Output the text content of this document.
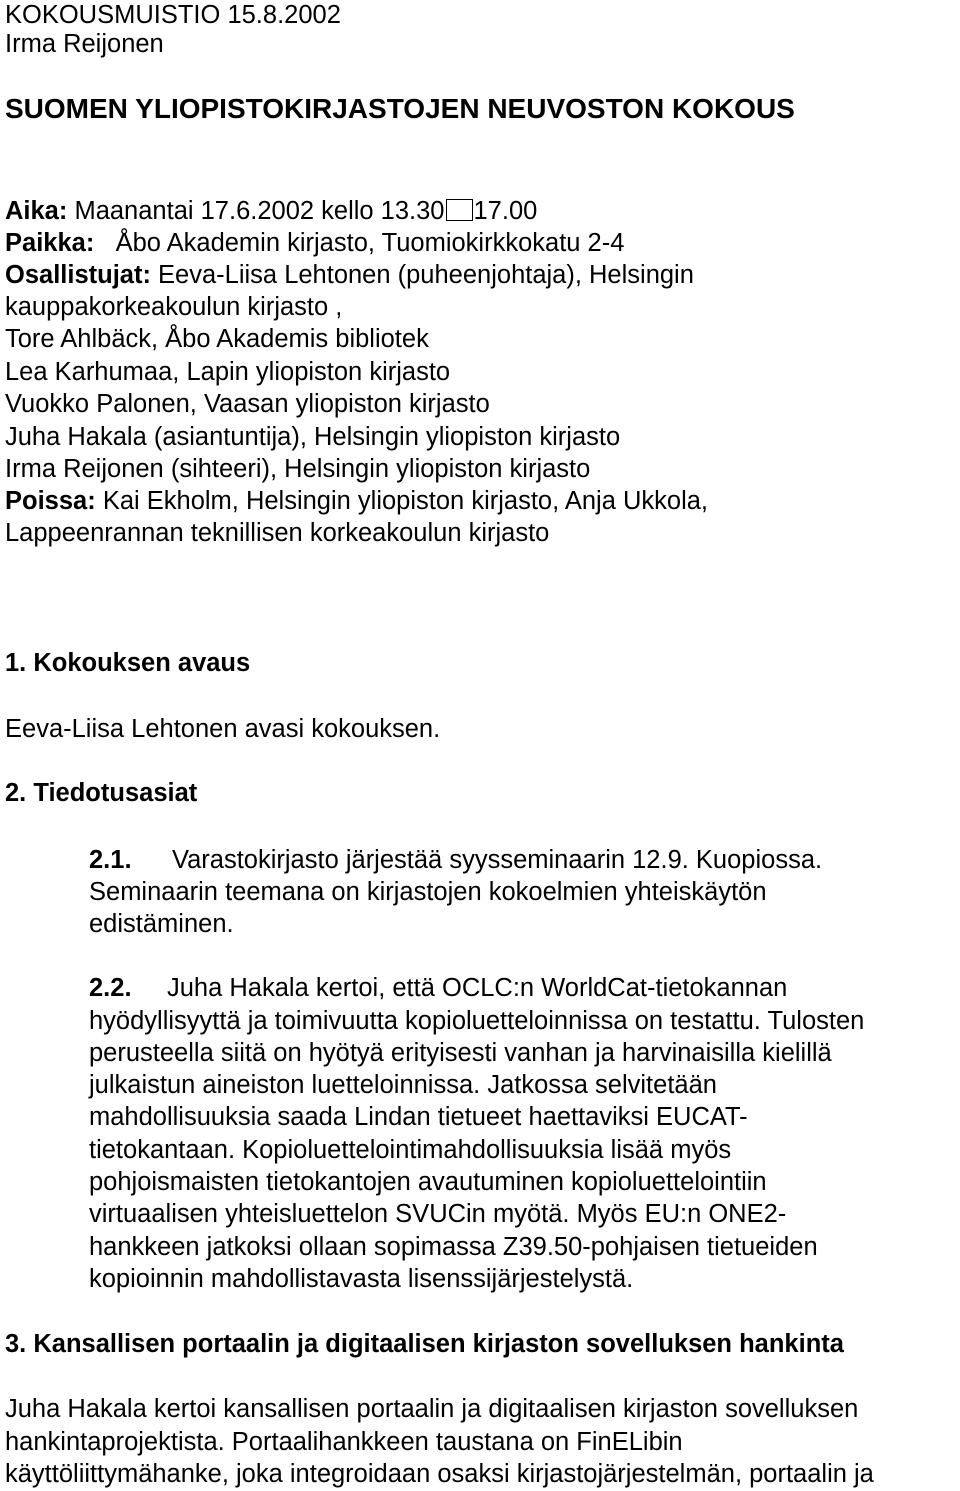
KOKOUSMUISTIO 15.8.2002
Irma Reijonen
SUOMEN YLIOPISTOKIRJASTOJEN NEUVOSTON KOKOUS
Aika: Maanantai 17.6.2002 kello 13.30 17.00
Paikka: Åbo Akademin kirjasto, Tuomiokirkkokatu 2-4
Osallistujat: Eeva-Liisa Lehtonen (puheenjohtaja), Helsingin
kauppakorkeakoulun kirjasto ,
Tore Ahlbäck, Åbo Akademis bibliotek
Lea Karhumaa, Lapin yliopiston kirjasto
Vuokko Palonen, Vaasan yliopiston kirjasto
Juha Hakala (asiantuntija), Helsingin yliopiston kirjasto
Irma Reijonen (sihteeri), Helsingin yliopiston kirjasto
Poissa: Kai Ekholm, Helsingin yliopiston kirjasto, Anja Ukkola,
Lappeenrannan teknillisen korkeakoulun kirjasto
1. Kokouksen avaus
Eeva-Liisa Lehtonen avasi kokouksen.
2. Tiedotusasiat
2.1. Varastokirjasto järjestää syysseminaarin 12.9. Kuopiossa.
Seminaarin teemana on kirjastojen kokoelmien yhteiskäytön
edistäminen.
2.2. Juha Hakala kertoi, että OCLC:n WorldCat-tietokannan
hyödyllisyyttä ja toimivuutta kopioluetteloinnissa on testattu. Tulosten
perusteella siitä on hyötyä erityisesti vanhan ja harvinaisilla kielillä
julkaistun aineiston luetteloinnissa. Jatkossa selvitetään
mahdollisuuksia saada Lindan tietueet haettaviksi EUCAT-
tietokantaan. Kopioluettelointimahdollisuuksia lisää myös
pohjoismaisten tietokantojen avautuminen kopioluettelointiin
virtuaalisen yhteisluettelon SVUCin myötä. Myös EU:n ONE2-
hankkeen jatkoksi ollaan sopimassa Z39.50-pohjaisen tietueiden
kopioinnin mahdollistavasta lisenssijärjestelystä.
3. Kansallisen portaalin ja digitaalisen kirjaston sovelluksen hankinta
Juha Hakala kertoi kansallisen portaalin ja digitaalisen kirjaston sovelluksen
hankintaprojektista. Portaalihankkeen taustana on FinELibin
käyttöliittymähanke, joka integroidaan osaksi kirjastojärjestelmän, portaalin ja
